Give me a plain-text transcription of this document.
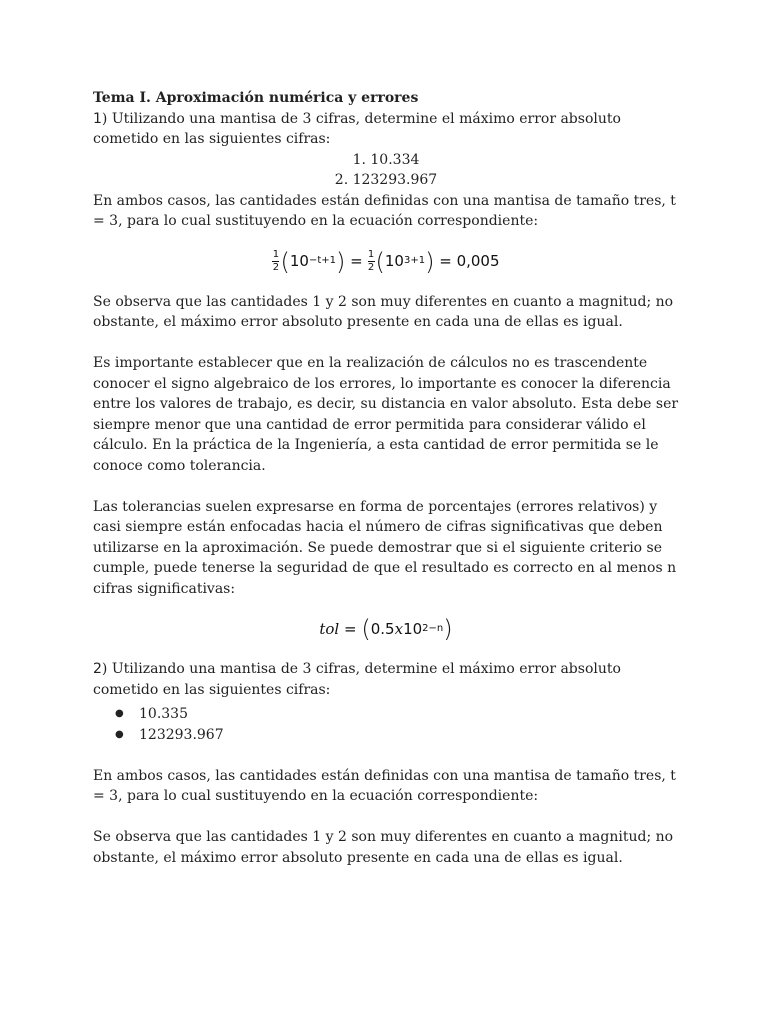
Tema I. Aproximación numérica y errores

1) Utilizando una mantisa de 3 cifras, determine el máximo error absoluto cometido en las siguientes cifras:

1. 10.334

2. 123293.967

En ambos casos, las cantidades están definidas con una mantisa de tamaño tres, t = 3, para lo cual sustituyendo en la ecuación correspondiente:

$\frac{1}{2}$ ( 10 −t+1 )
=
$\frac{1}{2}$ ( 10 3+1 )
= 0,005

Se observa que las cantidades 1 y 2 son muy diferentes en cuanto a magnitud; no obstante, el máximo error absoluto presente en cada una de ellas es igual.

Es importante establecer que en la realización de cálculos no es trascendente conocer el signo algebraico de los errores, lo importante es conocer la diferencia entre los valores de trabajo, es decir, su distancia en valor absoluto. Esta debe ser siempre menor que una cantidad de error permitida para considerar válido el cálculo. En la práctica de la Ingeniería, a esta cantidad de error permitida se le conoce como tolerancia.

Las tolerancias suelen expresarse en forma de porcentajes (errores relativos) y casi siempre están enfocadas hacia el número de cifras significativas que deben utilizarse en la aproximación. Se puede demostrar que si el siguiente criterio se cumple, puede tenerse la seguridad de que el resultado es correcto en al menos n cifras significativas:

tol
=
( 0.5 x 10 2−n )

2) Utilizando una mantisa de 3 cifras, determine el máximo error absoluto cometido en las siguientes cifras:

● 10.335
● 123293.967

En ambos casos, las cantidades están definidas con una mantisa de tamaño tres, t = 3, para lo cual sustituyendo en la ecuación correspondiente:

Se observa que las cantidades 1 y 2 son muy diferentes en cuanto a magnitud; no obstante, el máximo error absoluto presente en cada una de ellas es igual.
